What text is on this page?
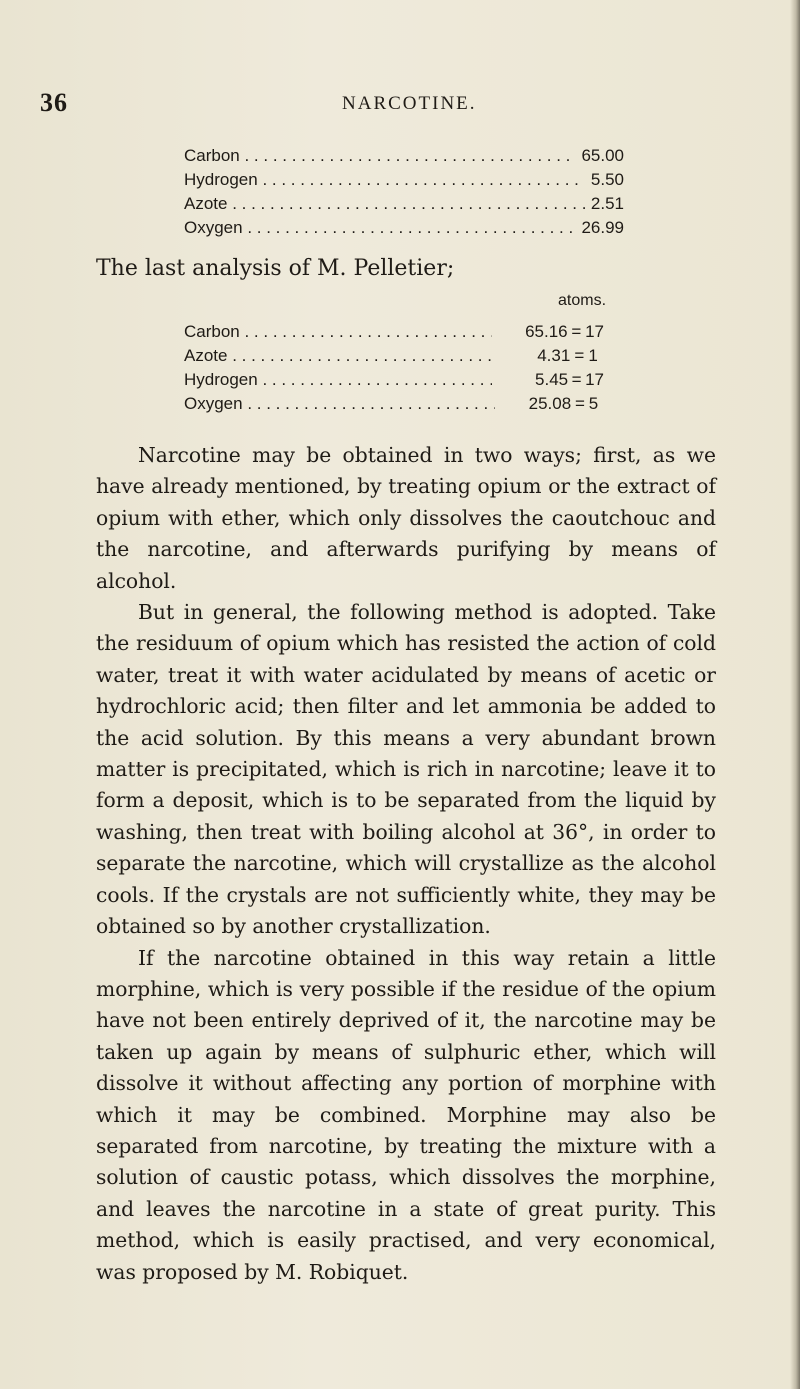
36	NARCOTINE.
Carbon . . .	65.00
Hydrogen . . .	5.50
Azote . . .	2.51
Oxygen . . .	26.99
The last analysis of M. Pelletier;
atoms.
Carbon . . .	65.16 = 17
Azote . . .	4.31 = 1
Hydrogen . . .	5.45 = 17
Oxygen . . .	25.08 = 5

Narcotine may be obtained in two ways; first, as we have already mentioned, by treating opium or the extract of opium with ether, which only dissolves the caoutchouc and the narcotine, and afterwards purifying by means of alcohol.

But in general, the following method is adopted. Take the residuum of opium which has resisted the action of cold water, treat it with water acidulated by means of acetic or hydrochloric acid; then filter and let ammonia be added to the acid solution. By this means a very abundant brown matter is precipitated, which is rich in narcotine; leave it to form a deposit, which is to be separated from the liquid by washing, then treat with boiling alcohol at 36°, in order to separate the narcotine, which will crystallize as the alcohol cools. If the crystals are not sufficiently white, they may be obtained so by another crystallization.

If the narcotine obtained in this way retain a little morphine, which is very possible if the residue of the opium have not been entirely deprived of it, the narcotine may be taken up again by means of sulphuric ether, which will dissolve it without affecting any portion of morphine with which it may be combined. Morphine may also be separated from narcotine, by treating the mixture with a solution of caustic potass, which dissolves the morphine, and leaves the narcotine in a state of great purity. This method, which is easily practised, and very economical, was proposed by M. Robiquet.
